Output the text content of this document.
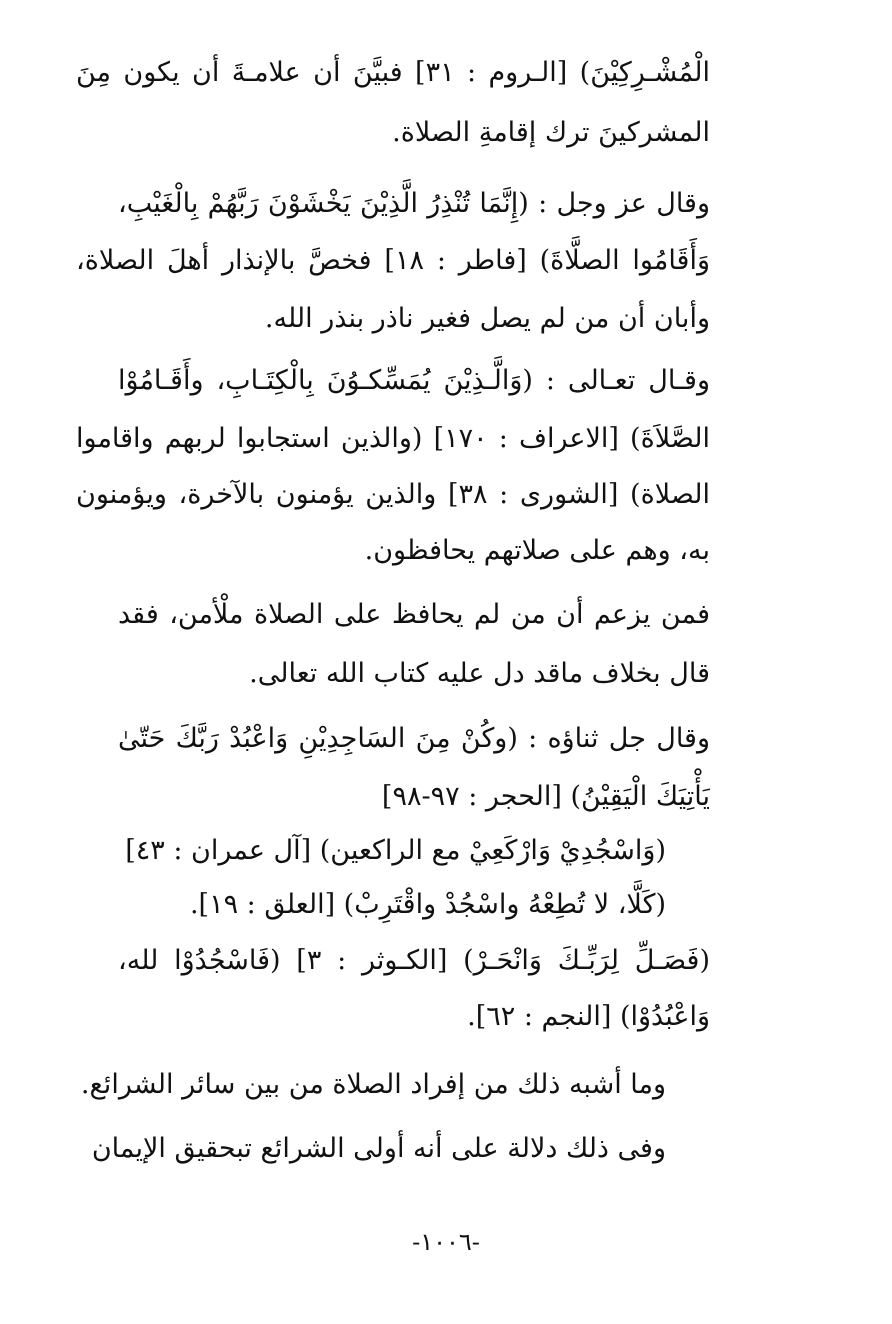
الْمُشْـرِكِيْنَ) [الـروم : ٣١] فبيَّنَ أن علامـةَ أن يكون مِنَ
المشركينَ ترك إقامةِ الصلاة.
وقال عز وجل : (إِنَّمَا تُنْذِرُ الَّذِيْنَ يَخْشَوْنَ رَبَّهُمْ بِالْغَيْبِ،
وَأَقَامُوا الصلَّاةَ) [فاطر : ١٨] فخصَّ بالإنذار أهلَ الصلاة،
وأبان أن من لم يصل فغير ناذر بنذر الله.
وقـال تعـالى : (وَالَّـذِيْنَ يُمَسِّكـوُنَ بِالْكِتَـابِ، وأَقَـامُوْا
الصَّلاَةَ) [الاعراف : ١٧٠] (والذين استجابوا لربهم واقاموا
الصلاة) [الشورى : ٣٨] والذين يؤمنون بالآخرة، ويؤمنون
به، وهم على صلاتهم يحافظون.
فمن يزعم أن من لم يحافظ على الصلاة ملْأمن، فقد
قال بخلاف ماقد دل عليه كتاب الله تعالى.
وقال جل ثناؤه : (وكُنْ مِنَ السَاجِدِيْنِ وَاعْبُدْ رَبَّكَ حَتّىٰ
يَأْتِيَكَ الْيَقِيْنُ) [الحجر : ٩٧-٩٨]
(وَاسْجُدِيْ وَارْكَعِيْ مع الراكعين) [آل عمران : ٤٣]
(كَلَّا، لا تُطِعْهُ واسْجُدْ واقْتَرِبْ) [العلق : ١٩].
(فَصَـلِّ لِرَبِّـكَ وَانْحَـرْ) [الكـوثر : ٣] (فَاسْجُدُوْا لله،
وَاعْبُدُوْا) [النجم : ٦٢].
وما أشبه ذلك من إفراد الصلاة من بين سائر الشرائع.
وفى ذلك دلالة على أنه أولى الشرائع تبحقيق الإيمان
-١٠٠٦-
